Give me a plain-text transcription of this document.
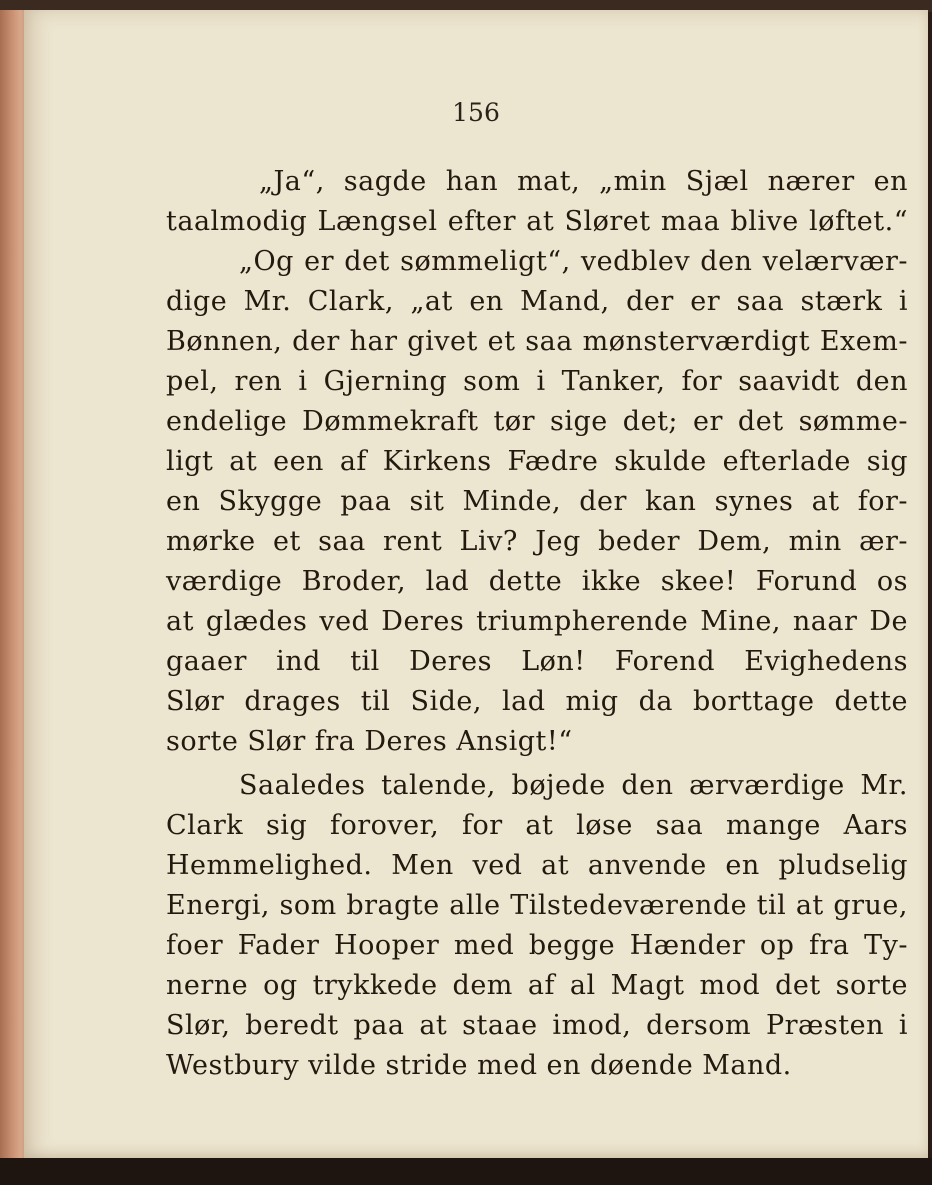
156
„Ja“, sagde han mat, „min Sjæl nærer en
taalmodig Længsel efter at Sløret maa blive løftet.“
„Og er det sømmeligt“, vedblev den velærvær-
dige Mr. Clark, „at en Mand, der er saa stærk i
Bønnen, der har givet et saa mønsterværdigt Exem-
pel, ren i Gjerning som i Tanker, for saavidt den
endelige Dømmekraft tør sige det; er det sømme-
ligt at een af Kirkens Fædre skulde efterlade sig
en Skygge paa sit Minde, der kan synes at for-
mørke et saa rent Liv? Jeg beder Dem, min ær-
værdige Broder, lad dette ikke skee! Forund os
at glædes ved Deres triumpherende Mine, naar De
gaaer ind til Deres Løn! Forend Evighedens
Slør drages til Side, lad mig da borttage dette
sorte Slør fra Deres Ansigt!“
Saaledes talende, bøjede den ærværdige Mr.
Clark sig forover, for at løse saa mange Aars
Hemmelighed. Men ved at anvende en pludselig
Energi, som bragte alle Tilstedeværende til at grue,
foer Fader Hooper med begge Hænder op fra Ty-
nerne og trykkede dem af al Magt mod det sorte
Slør, beredt paa at staae imod, dersom Præsten i
Westbury vilde stride med en døende Mand.
